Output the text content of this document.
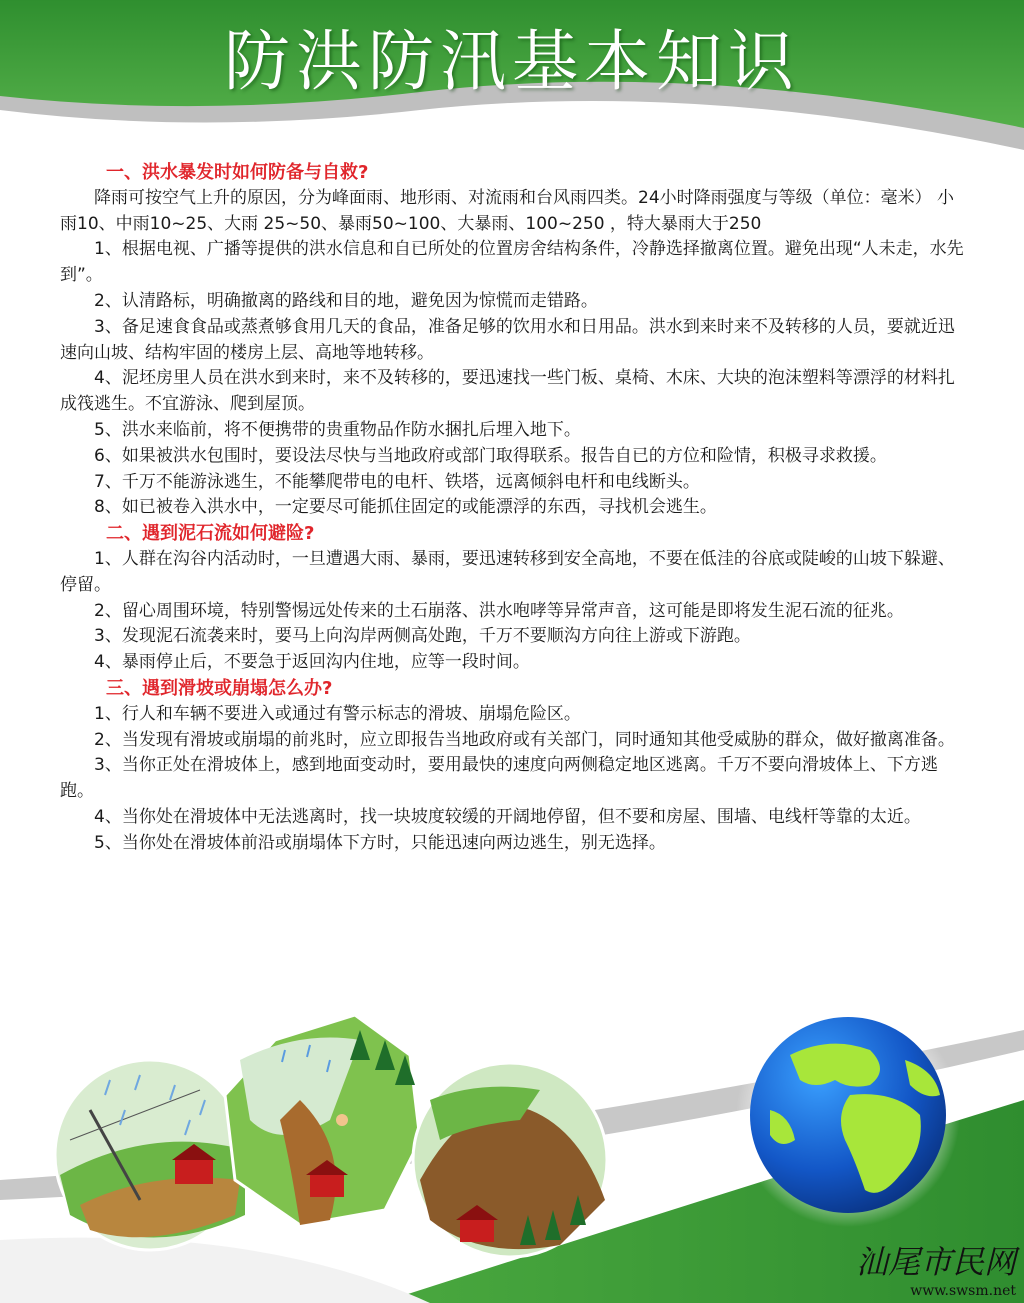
防洪防汛基本知识
一、洪水暴发时如何防备与自救?

降雨可按空气上升的原因，分为峰面雨、地形雨、对流雨和台风雨四类。24小时降雨强度与等级（单位：毫米） 小雨10、中雨10~25、大雨 25~50、暴雨50~100、大暴雨、100~250 ，特大暴雨大于250

1、根据电视、广播等提供的洪水信息和自已所处的位置房舍结构条件，冷静选择撤离位置。避免出现“人未走，水先到”。

2、认清路标，明确撤离的路线和目的地，避免因为惊慌而走错路。

3、备足速食食品或蒸煮够食用几天的食品，准备足够的饮用水和日用品。洪水到来时来不及转移的人员，要就近迅速向山坡、结构牢固的楼房上层、高地等地转移。

4、泥坯房里人员在洪水到来时，来不及转移的，要迅速找一些门板、桌椅、木床、大块的泡沫塑料等漂浮的材料扎成筏逃生。不宜游泳、爬到屋顶。

5、洪水来临前，将不便携带的贵重物品作防水捆扎后埋入地下。

6、如果被洪水包围时，要设法尽快与当地政府或部门取得联系。报告自已的方位和险情，积极寻求救援。

7、千万不能游泳逃生，不能攀爬带电的电杆、铁塔，远离倾斜电杆和电线断头。

8、如已被卷入洪水中，一定要尽可能抓住固定的或能漂浮的东西，寻找机会逃生。

二、遇到泥石流如何避险?

1、人群在沟谷内活动时，一旦遭遇大雨、暴雨，要迅速转移到安全高地，不要在低洼的谷底或陡峻的山坡下躲避、停留。

2、留心周围环境，特别警惕远处传来的土石崩落、洪水咆哮等异常声音，这可能是即将发生泥石流的征兆。

3、发现泥石流袭来时，要马上向沟岸两侧高处跑，千万不要顺沟方向往上游或下游跑。

4、暴雨停止后，不要急于返回沟内住地，应等一段时间。

三、遇到滑坡或崩塌怎么办?

1、行人和车辆不要进入或通过有警示标志的滑坡、崩塌危险区。

2、当发现有滑坡或崩塌的前兆时，应立即报告当地政府或有关部门，同时通知其他受威胁的群众，做好撤离准备。

3、当你正处在滑坡体上，感到地面变动时，要用最快的速度向两侧稳定地区逃离。千万不要向滑坡体上、下方逃跑。

4、当你处在滑坡体中无法逃离时，找一块坡度较缓的开阔地停留，但不要和房屋、围墙、电线杆等靠的太近。

5、当你处在滑坡体前沿或崩塌体下方时，只能迅速向两边逃生，别无选择。

汕尾市民网
www.swsm.net
